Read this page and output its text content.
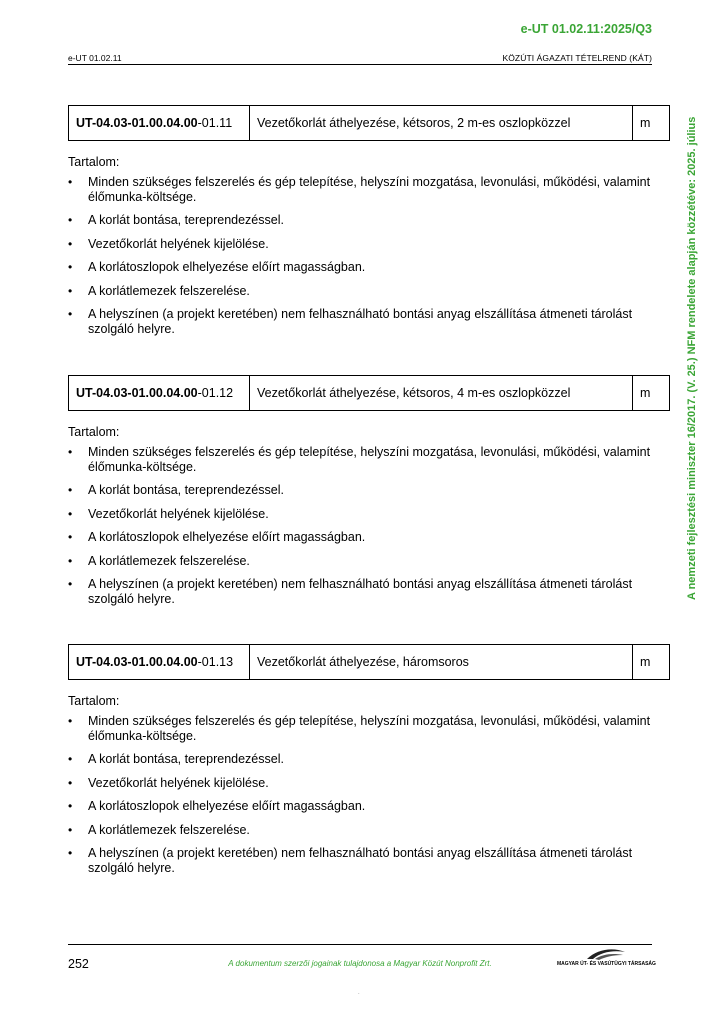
e-UT 01.02.11:2025/Q3
e-UT 01.02.11	KÖZÚTI ÁGAZATI TÉTELREND (KÁT)
A nemzeti fejlesztési miniszter 16/2017. (V. 25.) NFM rendelete alapján közzétéve: 2025. július
UT-04.03-01.00.04.00-01.11	Vezetőkorlát áthelyezése, kétsoros, 2 m-es oszlopközzel	m
Tartalom:
• Minden szükséges felszerelés és gép telepítése, helyszíni mozgatása, levonulási, működési, valamint élőmunka-költsége.
• A korlát bontása, tereprendezéssel.
• Vezetőkorlát helyének kijelölése.
• A korlátoszlopok elhelyezése előírt magasságban.
• A korlátlemezek felszerelése.
• A helyszínen (a projekt keretében) nem felhasználható bontási anyag elszállítása átmeneti tárolást szolgáló helyre.
UT-04.03-01.00.04.00-01.12	Vezetőkorlát áthelyezése, kétsoros, 4 m-es oszlopközzel	m
Tartalom:
• Minden szükséges felszerelés és gép telepítése, helyszíni mozgatása, levonulási, működési, valamint élőmunka-költsége.
• A korlát bontása, tereprendezéssel.
• Vezetőkorlát helyének kijelölése.
• A korlátoszlopok elhelyezése előírt magasságban.
• A korlátlemezek felszerelése.
• A helyszínen (a projekt keretében) nem felhasználható bontási anyag elszállítása átmeneti tárolást szolgáló helyre.
UT-04.03-01.00.04.00-01.13	Vezetőkorlát áthelyezése, háromsoros	m
Tartalom:
• Minden szükséges felszerelés és gép telepítése, helyszíni mozgatása, levonulási, működési, valamint élőmunka-költsége.
• A korlát bontása, tereprendezéssel.
• Vezetőkorlát helyének kijelölése.
• A korlátoszlopok elhelyezése előírt magasságban.
• A korlátlemezek felszerelése.
• A helyszínen (a projekt keretében) nem felhasználható bontási anyag elszállítása átmeneti tárolást szolgáló helyre.
252	A dokumentum szerzői jogainak tulajdonosa a Magyar Közút Nonprofit Zrt.	MAGYAR ÚT- ÉS VASÚTÜGYI TÁRSASÁG
.
